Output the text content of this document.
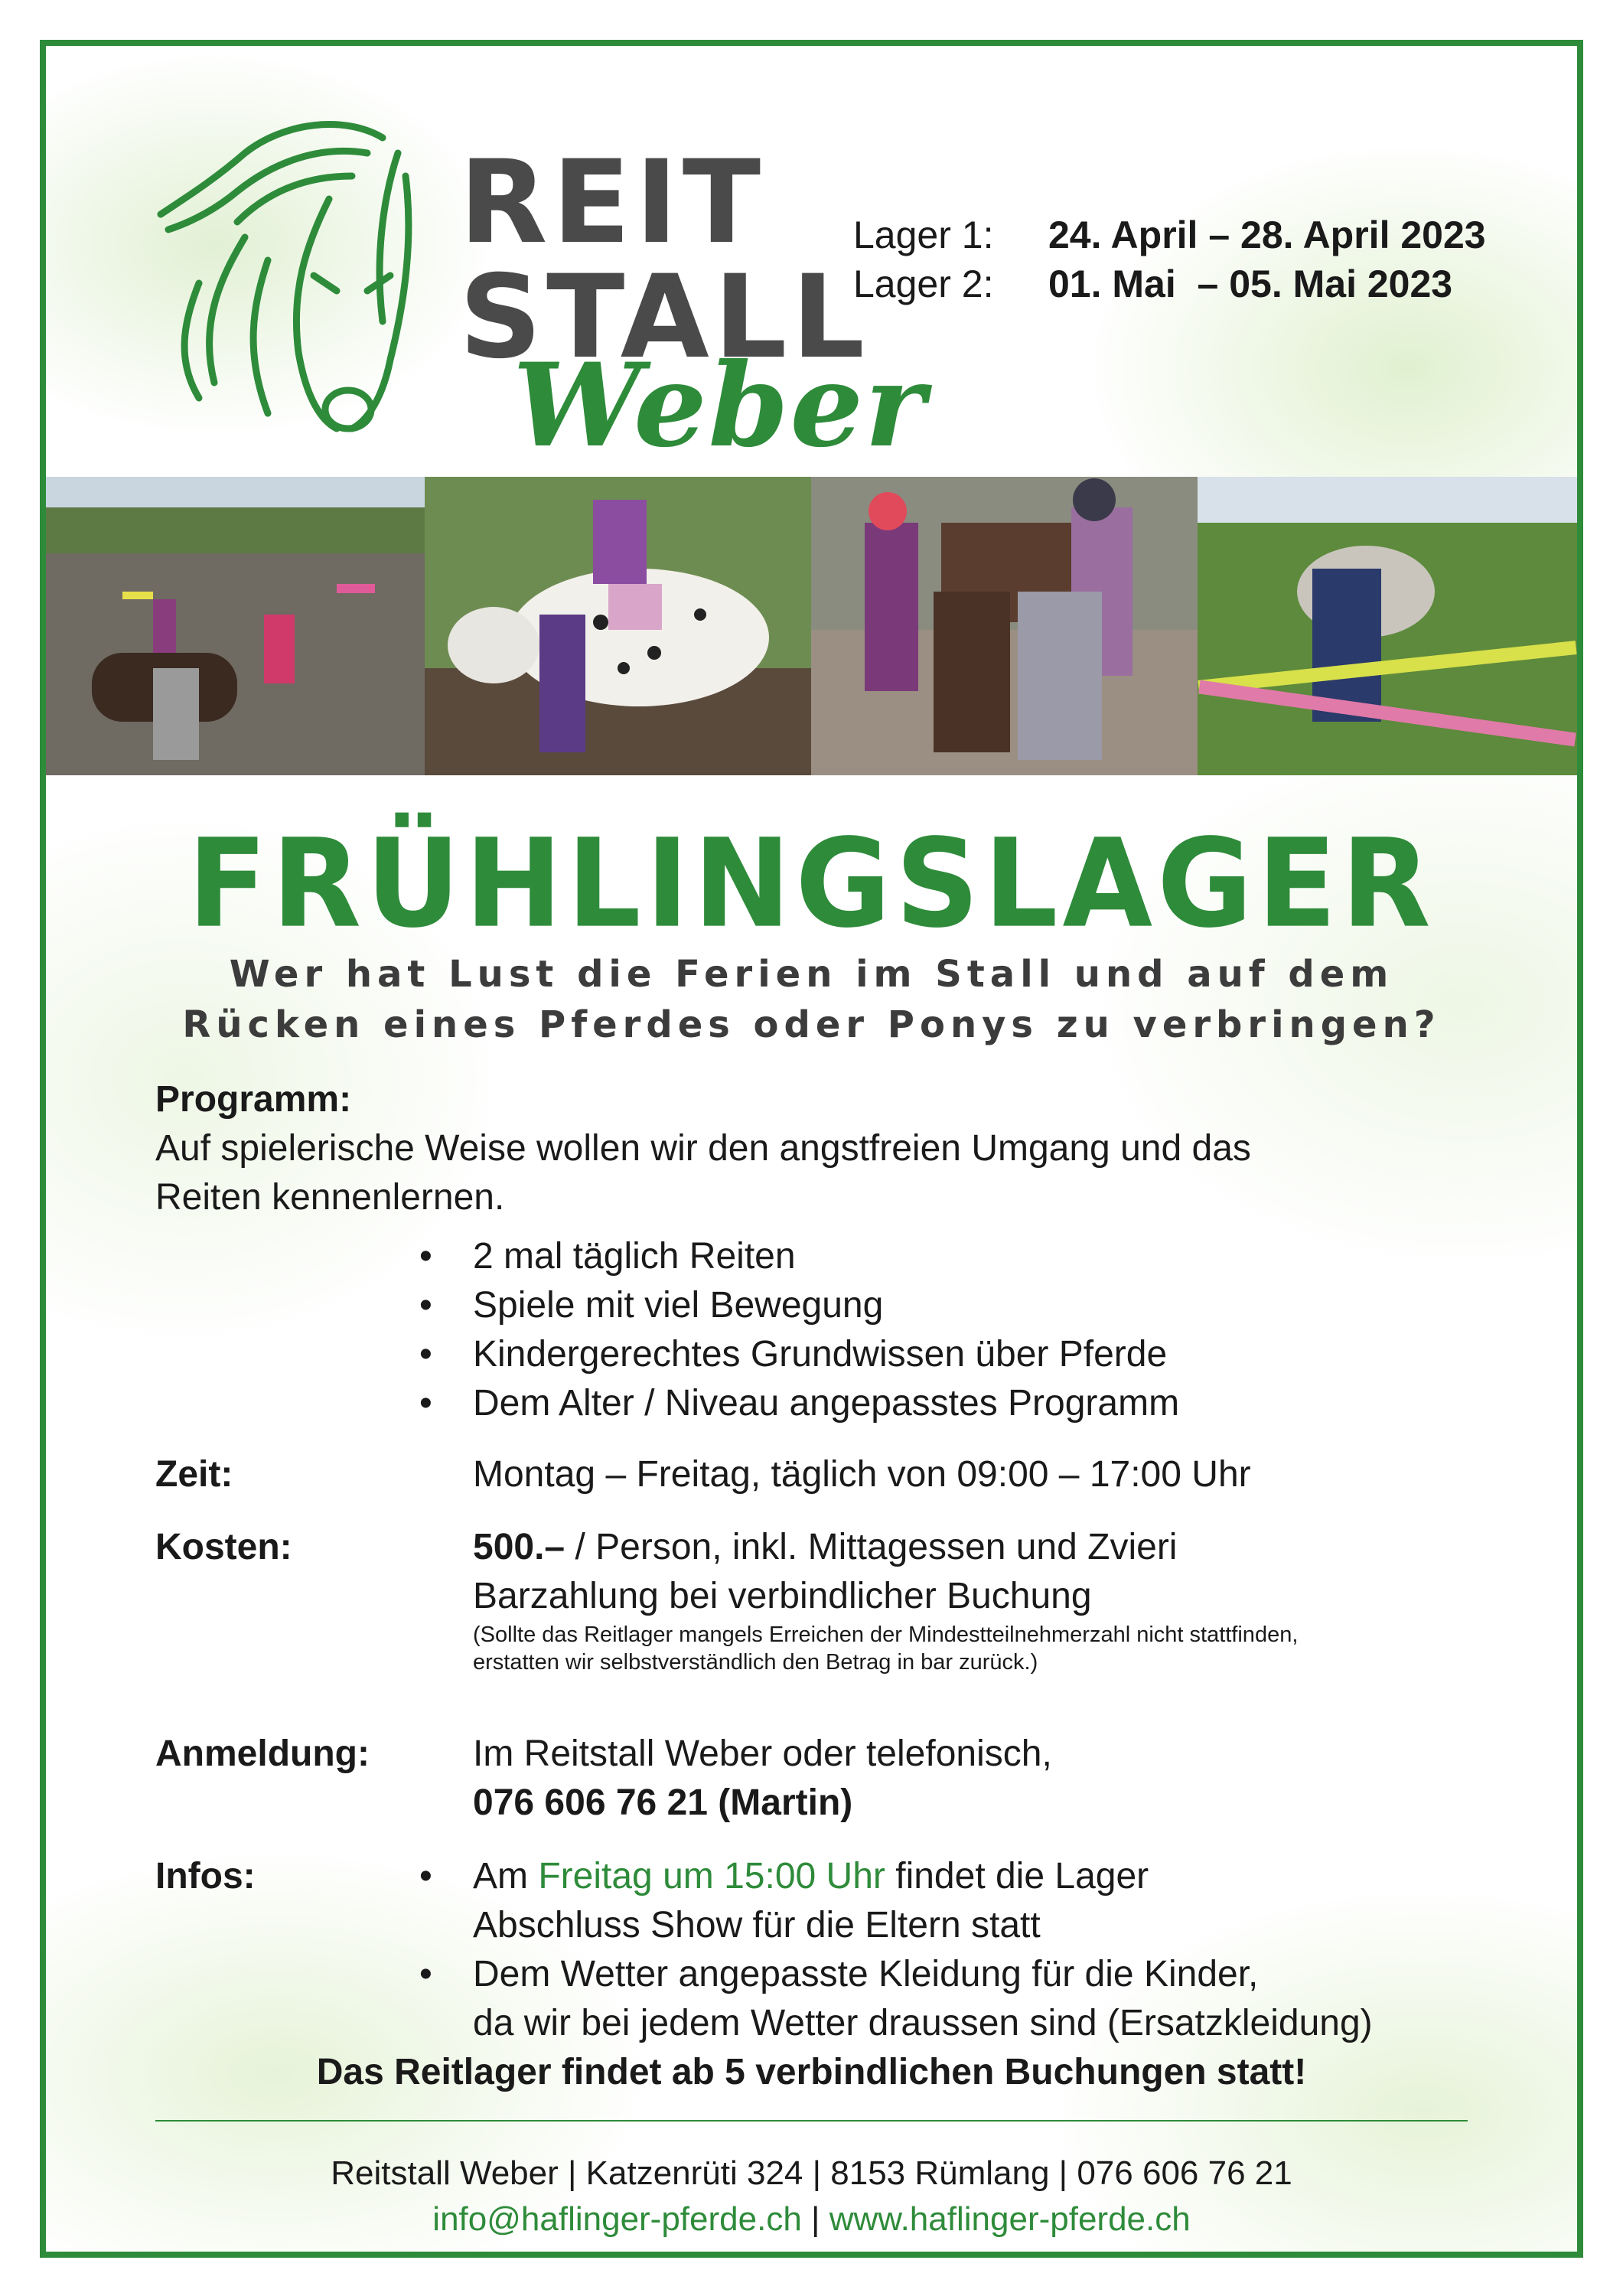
REIT
STALL
Weber
Lager 1:	24. April – 28. April 2023
Lager 2:	01. Mai  – 05. Mai 2023
FRÜHLINGSLAGER
Wer hat Lust die Ferien im Stall und auf dem
Rücken eines Pferdes oder Ponys zu verbringen?
Programm:
Auf spielerische Weise wollen wir den angstfreien Umgang und das
Reiten kennenlernen.
• 2 mal täglich Reiten
• Spiele mit viel Bewegung
• Kindergerechtes Grundwissen über Pferde
• Dem Alter / Niveau angepasstes Programm
Zeit:	Montag – Freitag, täglich von 09:00 – 17:00 Uhr
Kosten:	500.– / Person, inkl. Mittagessen und Zvieri
Barzahlung bei verbindlicher Buchung
(Sollte das Reitlager mangels Erreichen der Mindestteilnehmerzahl nicht stattfinden,
erstatten wir selbstverständlich den Betrag in bar zurück.)
Anmeldung:	Im Reitstall Weber oder telefonisch,
076 606 76 21 (Martin)
Infos:	• Am Freitag um 15:00 Uhr findet die Lager
Abschluss Show für die Eltern statt
• Dem Wetter angepasste Kleidung für die Kinder,
da wir bei jedem Wetter draussen sind (Ersatzkleidung)
Das Reitlager findet ab 5 verbindlichen Buchungen statt!
Reitstall Weber | Katzenrüti 324 | 8153 Rümlang | 076 606 76 21
info@haflinger-pferde.ch | www.haflinger-pferde.ch
